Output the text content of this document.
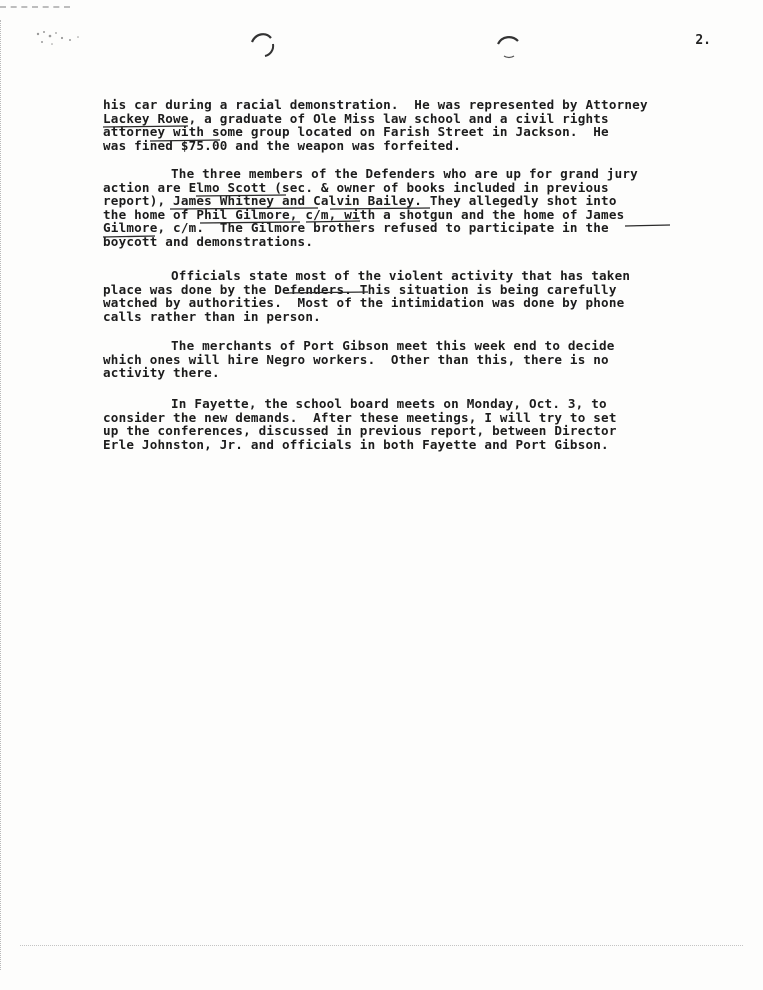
2.

his car during a racial demonstration.  He was represented by Attorney
Lackey Rowe, a graduate of Ole Miss law school and a civil rights
attorney with some group located on Farish Street in Jackson.  He
was fined $75.00 and the weapon was forfeited.

The three members of the Defenders who are up for grand jury
action are Elmo Scott (sec. & owner of books included in previous
report), James Whitney and Calvin Bailey. They allegedly shot into
the home of Phil Gilmore, c/m, with a shotgun and the home of James
Gilmore, c/m.  The Gilmore brothers refused to participate in the
boycott and demonstrations.

Officials state most of the violent activity that has taken
place was done by the Defenders. This situation is being carefully
watched by authorities.  Most of the intimidation was done by phone
calls rather than in person.

The merchants of Port Gibson meet this week end to decide
which ones will hire Negro workers.  Other than this, there is no
activity there.

In Fayette, the school board meets on Monday, Oct. 3, to
consider the new demands.  After these meetings, I will try to set
up the conferences, discussed in previous report, between Director
Erle Johnston, Jr. and officials in both Fayette and Port Gibson.
